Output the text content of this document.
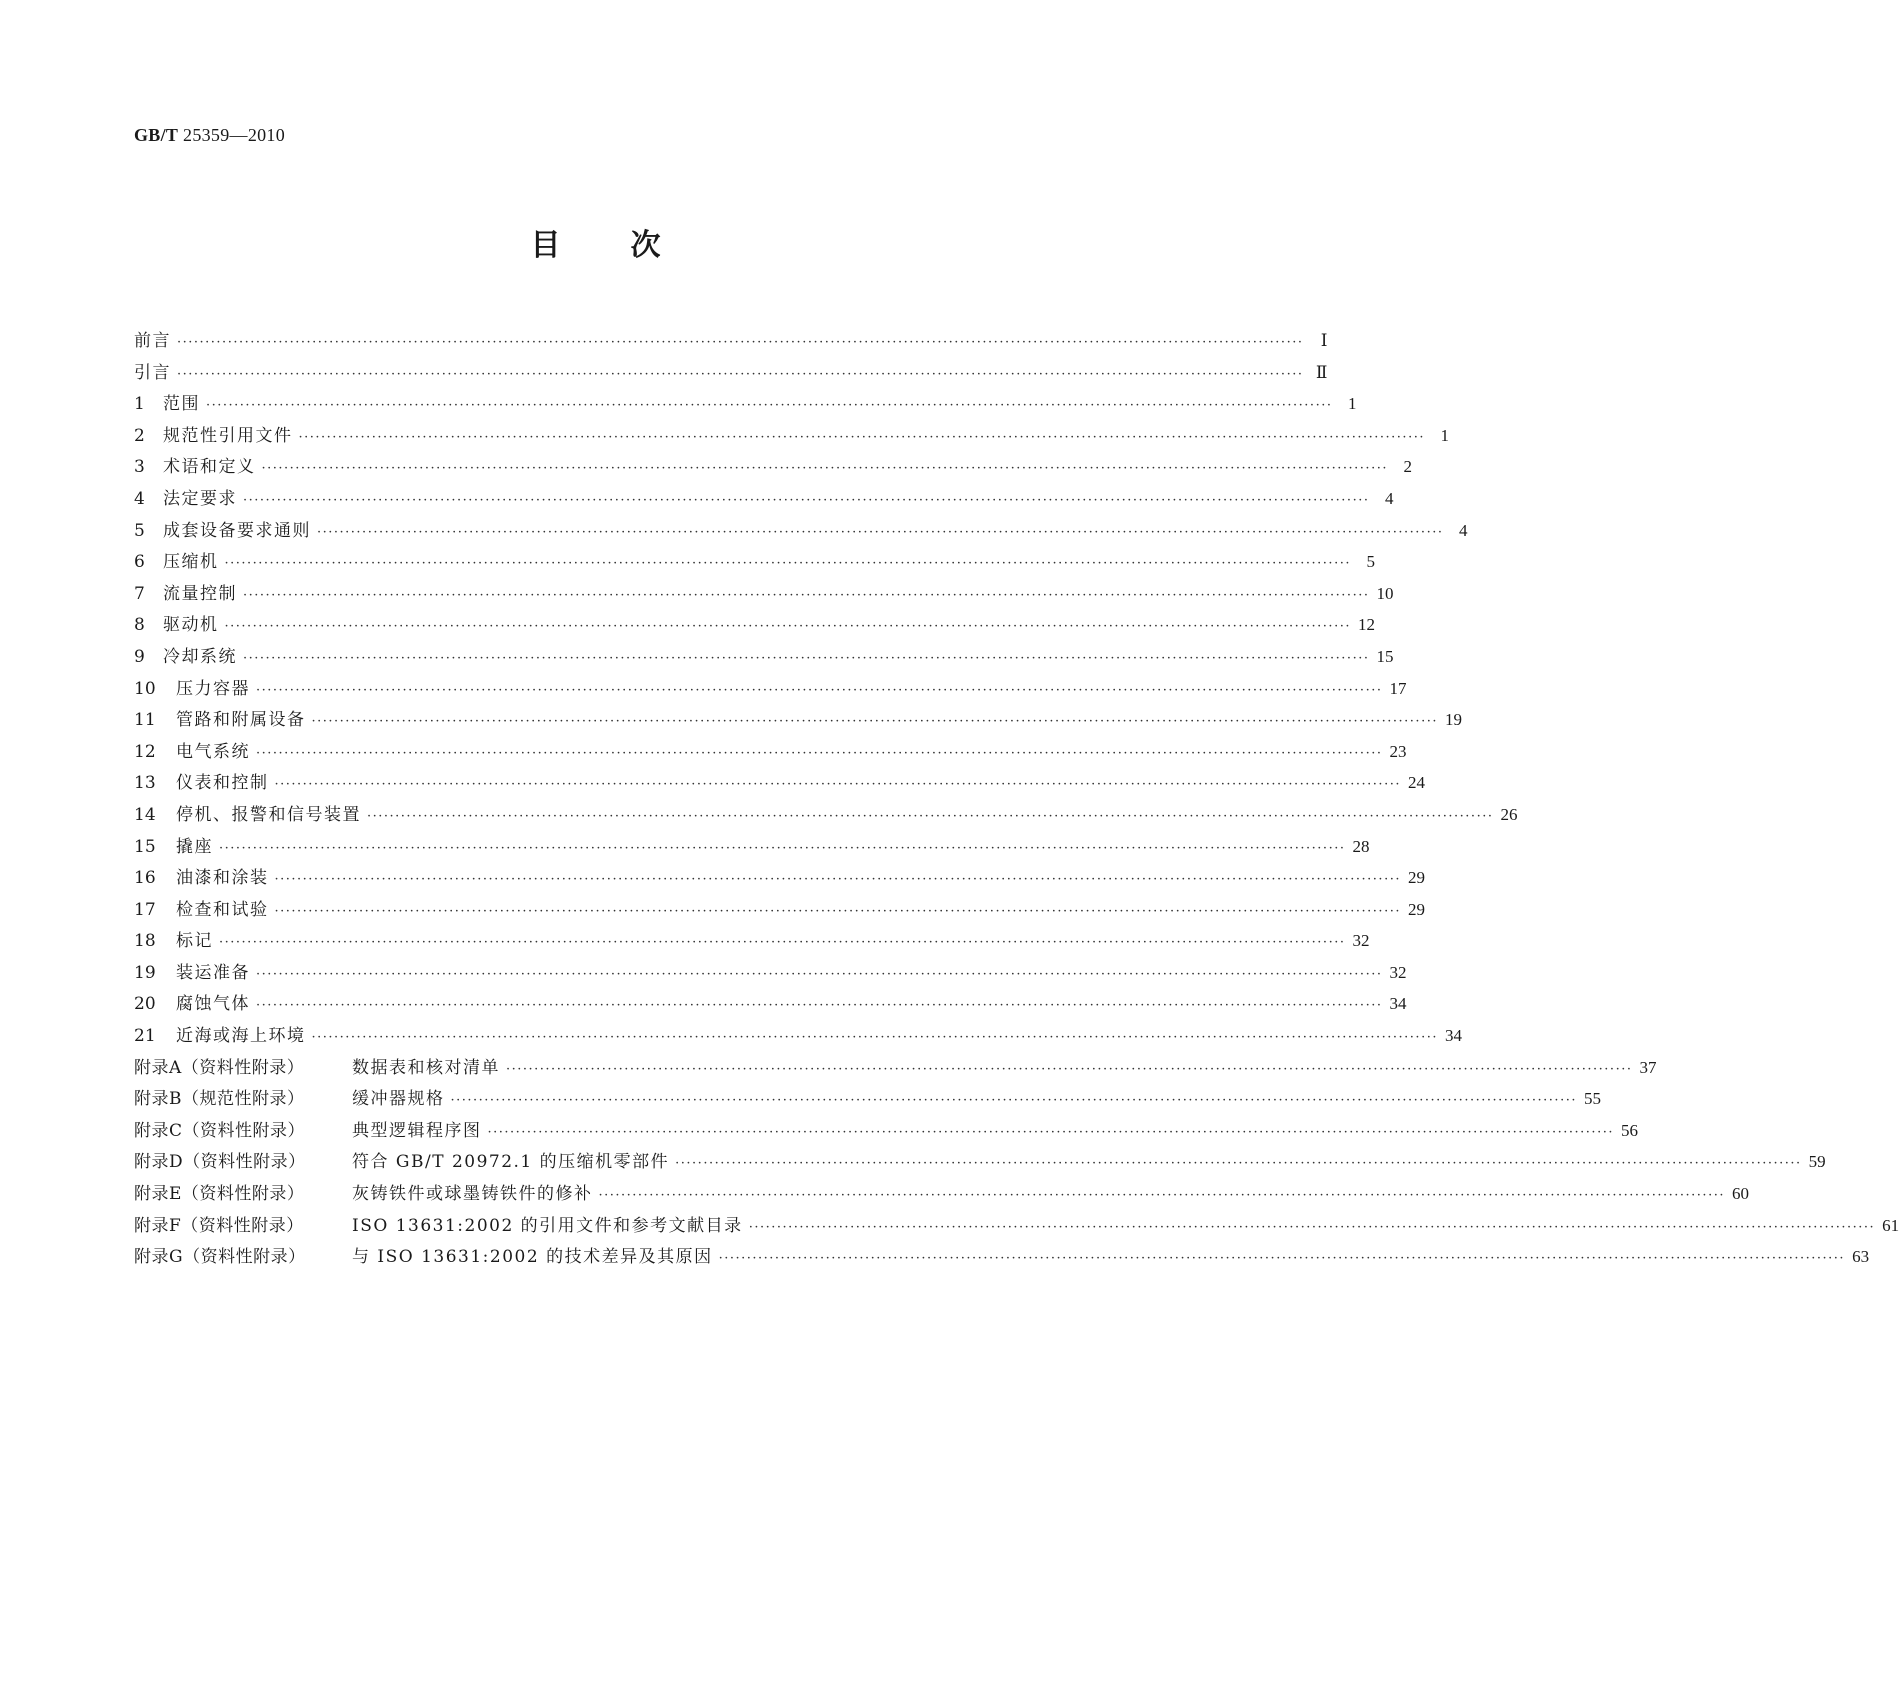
GB/T 25359—2010
目 次
前言 ········································································································································································································	Ⅰ
引言 ········································································································································································································ Ⅱ
1	范围 ········································································································································································································ 1
2	规范性引用文件 ········································································································································································································ 1
3	术语和定义 ········································································································································································································ 2
4	法定要求 ········································································································································································································ 4
5	成套设备要求通则 ········································································································································································································ 4
6	压缩机 ········································································································································································································ 5
7	流量控制 ········································································································································································································ 10
8	驱动机 ········································································································································································································ 12
9	冷却系统 ········································································································································································································ 15
10	压力容器 ········································································································································································································ 17
11	管路和附属设备 ········································································································································································································ 19
12	电气系统 ········································································································································································································ 23
13	仪表和控制 ········································································································································································································ 24
14	停机、报警和信号装置 ········································································································································································································ 26
15	撬座 ········································································································································································································ 28
16	油漆和涂装 ········································································································································································································ 29
17	检查和试验 ········································································································································································································ 29
18	标记 ········································································································································································································ 32
19	装运准备 ········································································································································································································ 32
20	腐蚀气体 ········································································································································································································ 34
21	近海或海上环境 ········································································································································································································ 34
附录A（资料性附录）	数据表和核对清单 ········································································································································································································ 37
附录B（规范性附录）	缓冲器规格 ········································································································································································································ 55
附录C（资料性附录）	典型逻辑程序图 ········································································································································································································ 56
附录D（资料性附录）	符合 GB/T 20972.1 的压缩机零部件 ········································································································································································································ 59
附录E（资料性附录）	灰铸铁件或球墨铸铁件的修补 ········································································································································································································ 60
附录F（资料性附录）	ISO 13631:2002 的引用文件和参考文献目录 ········································································································································································································ 61
附录G（资料性附录）	与 ISO 13631:2002 的技术差异及其原因 ········································································································································································································ 63
